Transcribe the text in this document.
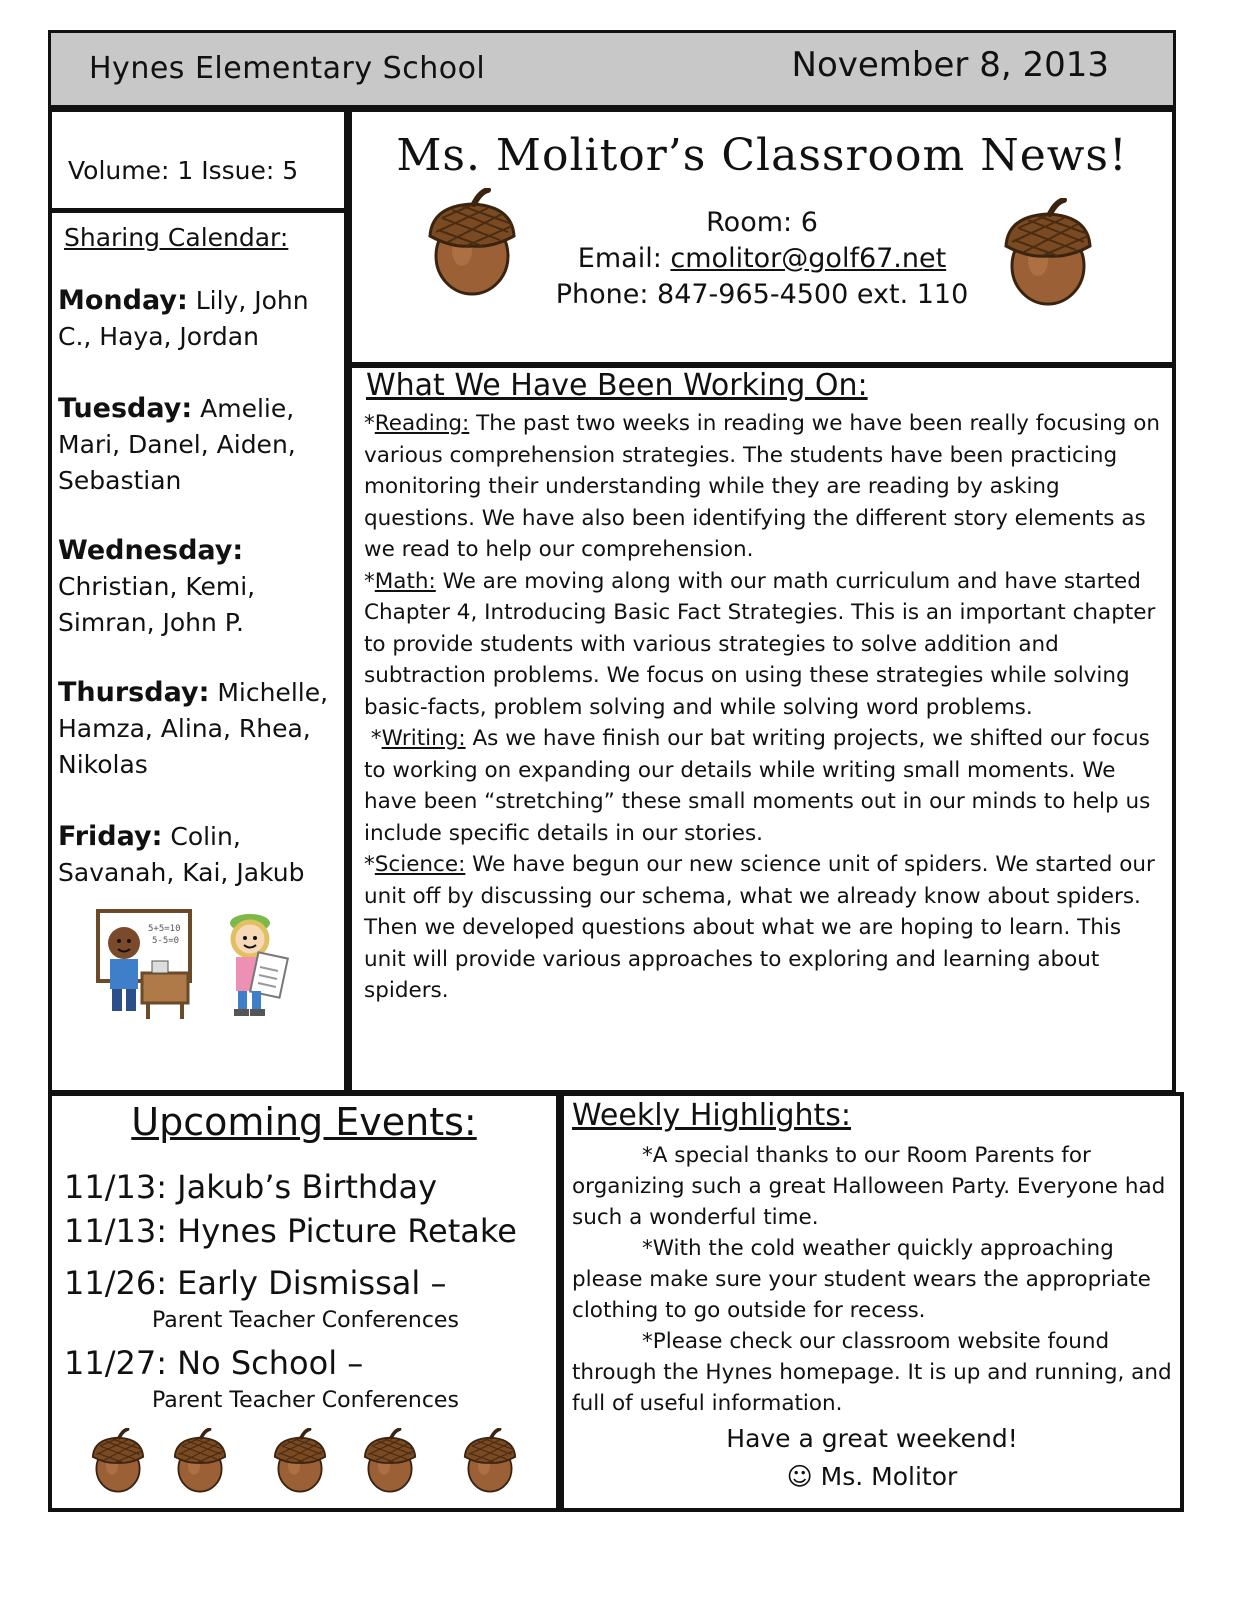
Hynes Elementary School	November 8, 2013
Volume: 1 Issue: 5
Sharing Calendar:
Monday: Lily, John C., Haya, Jordan
Tuesday: Amelie, Mari, Danel, Aiden, Sebastian
Wednesday: Christian, Kemi, Simran, John P.
Thursday: Michelle, Hamza, Alina, Rhea, Nikolas
Friday: Colin, Savanah, Kai, Jakub
5+5=10
5-5=0
Ms. Molitor’s Classroom News!
Room: 6
Email: cmolitor@golf67.net
Phone: 847-965-4500 ext. 110
What We Have Been Working On:

*Reading: The past two weeks in reading we have been really focusing on various comprehension strategies. The students have been practicing monitoring their understanding while they are reading by asking questions. We have also been identifying the different story elements as we read to help our comprehension.

*Math: We are moving along with our math curriculum and have started Chapter 4, Introducing Basic Fact Strategies. This is an important chapter to provide students with various strategies to solve addition and subtraction problems. We focus on using these strategies while solving basic-facts, problem solving and while solving word problems.

*Writing: As we have finish our bat writing projects, we shifted our focus to working on expanding our details while writing small moments. We have been “stretching” these small moments out in our minds to help us include specific details in our stories.

*Science: We have begun our new science unit of spiders. We started our unit off by discussing our schema, what we already know about spiders. Then we developed questions about what we are hoping to learn. This unit will provide various approaches to exploring and learning about spiders.

Upcoming Events:
11/13: Jakub’s Birthday
11/13: Hynes Picture Retake
11/26: Early Dismissal –
Parent Teacher Conferences
11/27: No School –
Parent Teacher Conferences
Weekly Highlights:

*A special thanks to our Room Parents for organizing such a great Halloween Party. Everyone had such a wonderful time.

*With the cold weather quickly approaching please make sure your student wears the appropriate clothing to go outside for recess.

*Please check our classroom website found through the Hynes homepage. It is up and running, and full of useful information.

Have a great weekend!
☺ Ms. Molitor
